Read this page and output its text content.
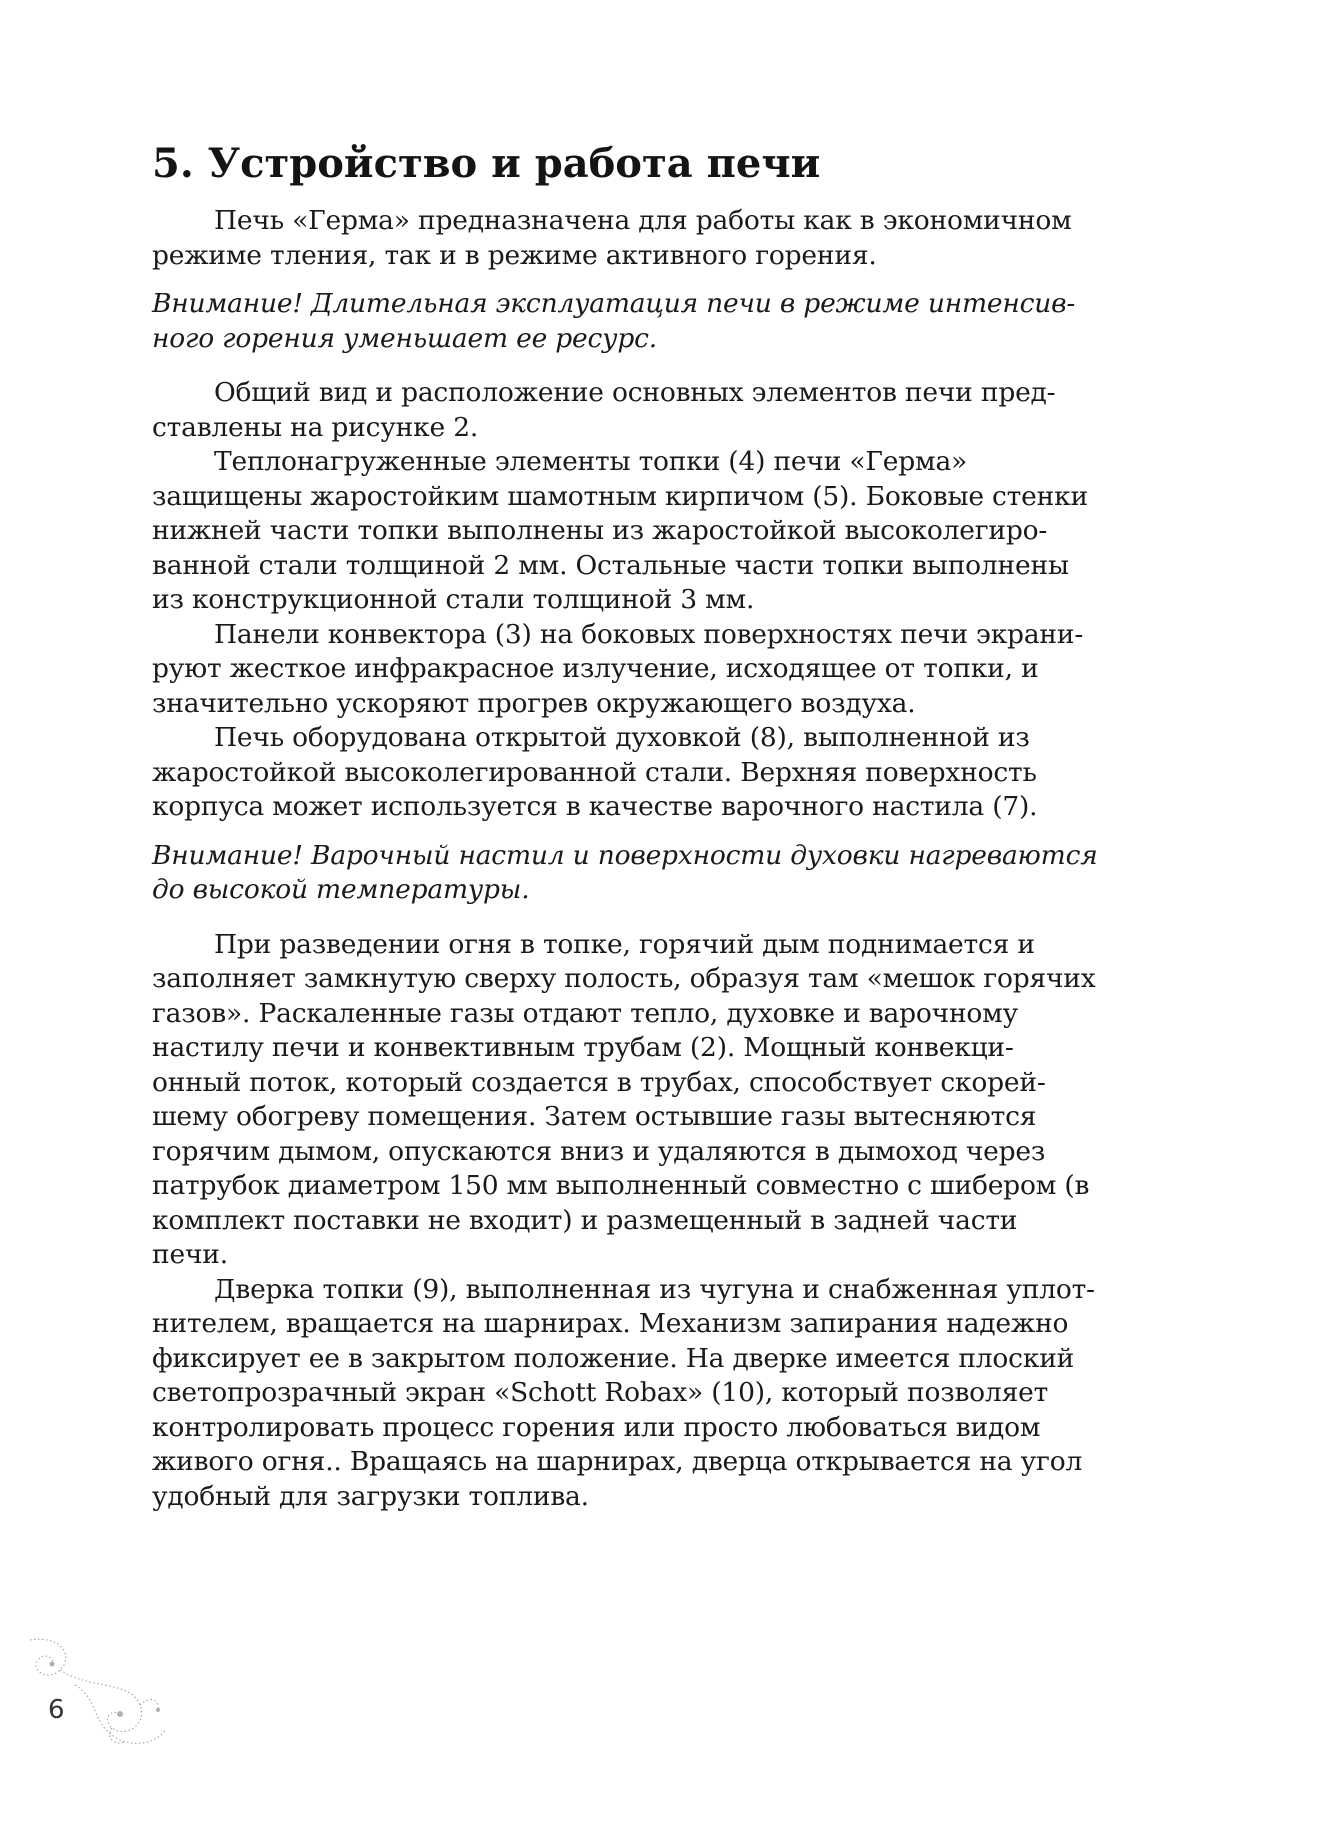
5. Устройство и работа печи

Печь «Герма» предназначена для работы как в экономичном
режиме тления, так и в режиме активного горения.

Внимание! Длительная эксплуатация печи в режиме интенсив-
ного горения уменьшает ее ресурс.

Общий вид и расположение основных элементов печи пред-
ставлены на рисунке 2.

Теплонагруженные элементы топки (4) печи «Герма»
защищены жаростойким шамотным кирпичом (5). Боковые стенки
нижней части топки выполнены из жаростойкой высоколегиро-
ванной стали толщиной 2 мм. Остальные части топки выполнены
из конструкционной стали толщиной 3 мм.

Панели конвектора (3) на боковых поверхностях печи экрани-
руют жесткое инфракрасное излучение, исходящее от топки, и
значительно ускоряют прогрев окружающего воздуха.

Печь оборудована открытой духовкой (8), выполненной из
жаростойкой высоколегированной стали. Верхняя поверхность
корпуса может используется в качестве варочного настила (7).

Внимание! Варочный настил и поверхности духовки нагреваются
до высокой температуры.

При разведении огня в топке, горячий дым поднимается и
заполняет замкнутую сверху полость, образуя там «мешок горячих
газов». Раскаленные газы отдают тепло, духовке и варочному
настилу печи и конвективным трубам (2). Мощный конвекци-
онный поток, который создается в трубах, способствует скорей-
шему обогреву помещения. Затем остывшие газы вытесняются
горячим дымом, опускаются вниз и удаляются в дымоход через
патрубок диаметром 150 мм выполненный совместно с шибером (в
комплект поставки не входит) и размещенный в задней части
печи.

Дверка топки (9), выполненная из чугуна и снабженная уплот-
нителем, вращается на шарнирах. Механизм запирания надежно
фиксирует ее в закрытом положение. На дверке имеется плоский
светопрозрачный экран «Schott Robax» (10), который позволяет
контролировать процесс горения или просто любоваться видом
живого огня.. Вращаясь на шарнирах, дверца открывается на угол
удобный для загрузки топлива.

6
